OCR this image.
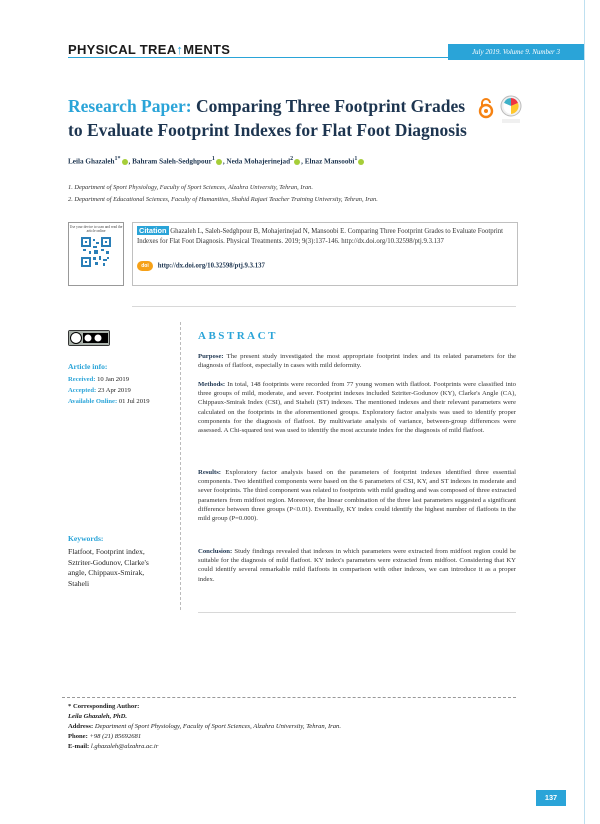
PHYSICAL TREA↑MENTS	July 2019. Volume 9. Number 3
Research Paper: Comparing Three Footprint Grades to Evaluate Footprint Indexes for Flat Foot Diagnosis
Leila Ghazaleh$^{1*}$ , Bahram Saleh-Sedghpour$^1$ , Neda Mohajerinejad$^2$ , Elnaz Mansoobi$^1$
1. Department of Sport Physiology, Faculty of Sport Sciences, Alzahra University, Tehran, Iran.
2. Department of Educational Sciences, Faculty of Humanities, Shahid Rajaei Teacher Training University, Tehran, Iran.
Use your device to scan and read the article online	Citation Ghazaleh L, Saleh-Sedghpour B, Mohajerinejad N, Mansoobi E. Comparing Three Footprint Grades to Evaluate Footprint Indexes for Flat Foot Diagnosis. Physical Treatments. 2019; 9(3):137-146. http://dx.doi.org/10.32598/ptj.9.3.137
doi http://dx.doi.org/10.32598/ptj.9.3.137
Article info:
Received: 10 Jan 2019
Accepted: 23 Apr 2019
Available Online: 01 Jul 2019
Keywords:
Flatfoot, Footprint index, Sztriter-Godunov, Clarke's angle, Chippaux-Smirak, Staheli
ABSTRACT
Purpose: The present study investigated the most appropriate footprint index and its related parameters for the diagnosis of flatfoot, especially in cases with mild deformity.
Methods: In total, 148 footprints were recorded from 77 young women with flatfoot. Footprints were classified into three groups of mild, moderate, and sever. Footprint indexes included Sztriter-Godunov (KY), Clarke's Angle (CA), Chippaux-Smirak Index (CSI), and Staheli (ST) indexes. The mentioned indexes and their relevant parameters were calculated on the footprints in the aforementioned groups. Exploratory factor analysis was used to identify proper components for the diagnosis of flatfoot. By multivariate analysis of variance, between-group differences were assessed. A Chi-squared test was used to identify the most accurate index for the diagnosis of mild flatfoot.
Results: Exploratory factor analysis based on the parameters of footprint indexes identified three essential components. Two identified components were based on the 6 parameters of CSI, KY, and ST indexes in moderate and sever footprints. The third component was related to footprints with mild grading and was composed of three extracted parameters from midfoot region. Moreover, the linear combination of the three last parameters suggested a significant difference between three groups (P<0.01). Eventually, KY index could identify the highest number of flatfoots in the mild group (P=0.000).
Conclusion: Study findings revealed that indexes in which parameters were extracted from midfoot region could be suitable for the diagnosis of mild flatfoot. KY index's parameters were extracted from midfoot. Considering that KY could identify several remarkable mild flatfoots in comparison with other indexes, we can introduce it as a proper index.
* Corresponding Author:
Leila Ghazaleh, PhD.
Address: Department of Sport Physiology, Faculty of Sport Sciences, Alzahra University, Tehran, Iran.
Phone: +98 (21) 85692681
E-mail: l.ghazaleh@alzahra.ac.ir
137
